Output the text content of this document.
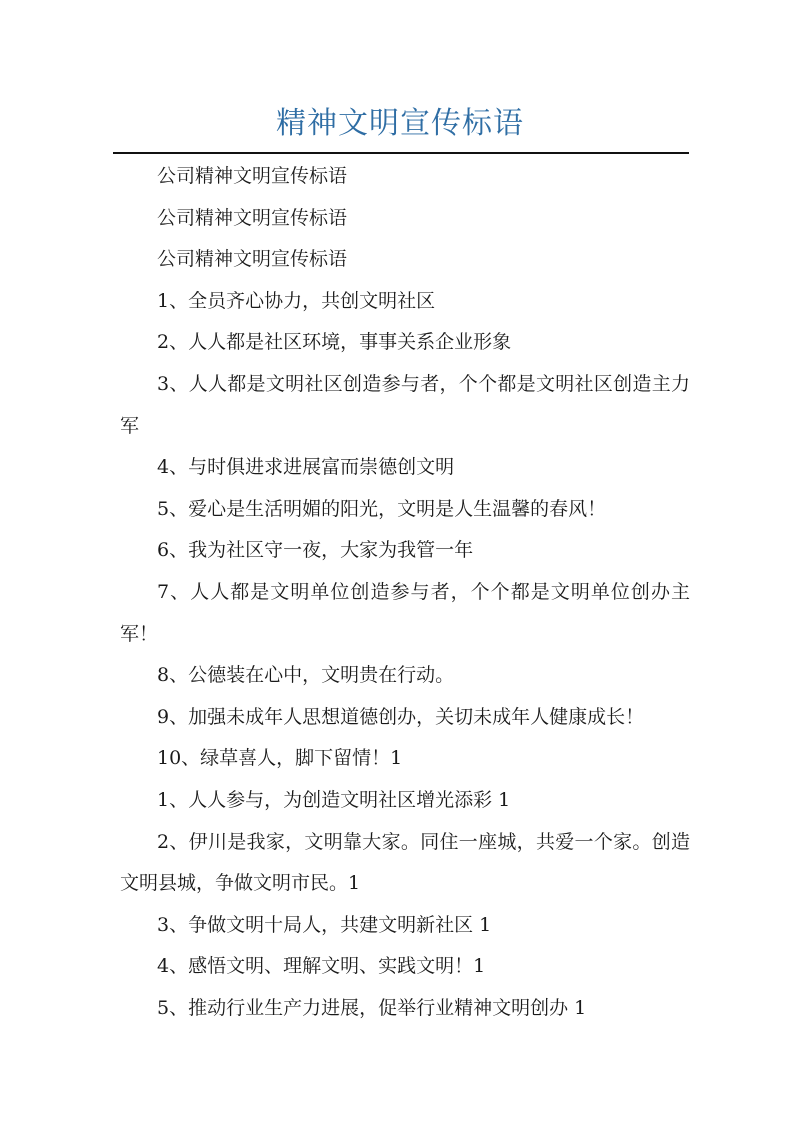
精神文明宣传标语

公司精神文明宣传标语

公司精神文明宣传标语

公司精神文明宣传标语

1、全员齐心协力，共创文明社区

2、人人都是社区环境，事事关系企业形象

3、人人都是文明社区创造参与者，个个都是文明社区创造主力军

4、与时俱进求进展富而崇德创文明

5、爱心是生活明媚的阳光，文明是人生温馨的春风！

6、我为社区守一夜，大家为我管一年

7、人人都是文明单位创造参与者，个个都是文明单位创办主军！

8、公德装在心中，文明贵在行动。

9、加强未成年人思想道德创办，关切未成年人健康成长！

10、绿草喜人，脚下留情！1

1、人人参与，为创造文明社区增光添彩 1

2、伊川是我家，文明靠大家。同住一座城，共爱一个家。创造文明县城，争做文明市民。1

3、争做文明十局人，共建文明新社区 1

4、感悟文明、理解文明、实践文明！1

5、推动行业生产力进展，促举行业精神文明创办 1
